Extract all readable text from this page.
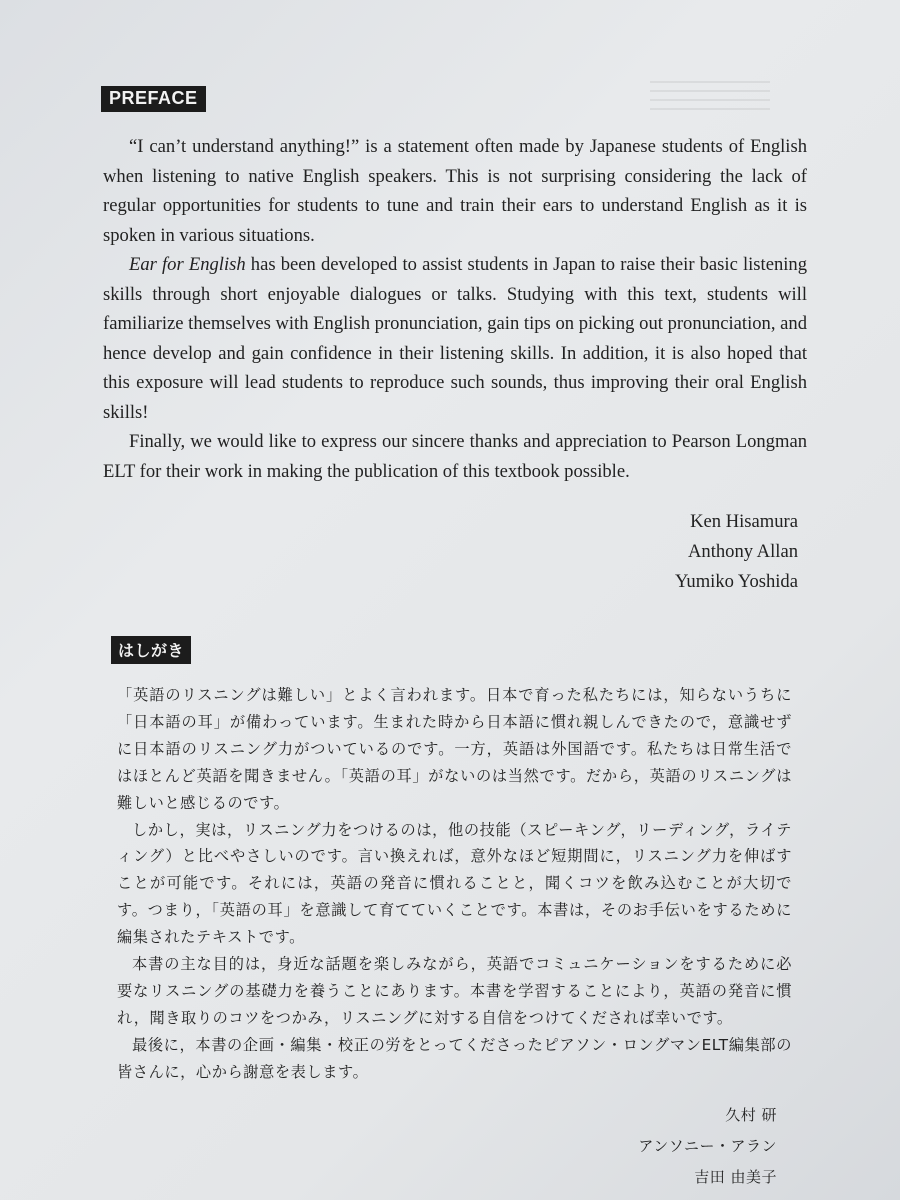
PREFACE

“I can’t understand anything!” is a statement often made by Japanese students of English when listening to native English speakers. This is not surprising considering the lack of regular opportunities for students to tune and train their ears to understand English as it is spoken in various situations.

Ear for English has been developed to assist students in Japan to raise their basic listening skills through short enjoyable dialogues or talks. Studying with this text, students will familiarize themselves with English pronunciation, gain tips on picking out pronunciation, and hence develop and gain confidence in their listening skills. In addition, it is also hoped that this exposure will lead students to reproduce such sounds, thus improving their oral English skills!

Finally, we would like to express our sincere thanks and appreciation to Pearson Longman ELT for their work in making the publication of this textbook possible.

Ken Hisamura
Anthony Allan
Yumiko Yoshida
はしがき

「英語のリスニングは難しい」とよく言われます。日本で育った私たちには，知らないうちに「日本語の耳」が備わっています。生まれた時から日本語に慣れ親しんできたので，意識せずに日本語のリスニング力がついているのです。一方，英語は外国語です。私たちは日常生活ではほとんど英語を聞きません。「英語の耳」がないのは当然です。だから，英語のリスニングは難しいと感じるのです。

しかし，実は，リスニング力をつけるのは，他の技能（スピーキング，リーディング，ライティング）と比べやさしいのです。言い換えれば，意外なほど短期間に，リスニング力を伸ばすことが可能です。それには，英語の発音に慣れることと，聞くコツを飲み込むことが大切です。つまり，「英語の耳」を意識して育てていくことです。本書は，そのお手伝いをするために編集されたテキストです。

本書の主な目的は，身近な話題を楽しみながら，英語でコミュニケーションをするために必要なリスニングの基礎力を養うことにあります。本書を学習することにより，英語の発音に慣れ，聞き取りのコツをつかみ，リスニングに対する自信をつけてくだされば幸いです。

最後に，本書の企画・編集・校正の労をとってくださったピアソン・ロングマンELT編集部の皆さんに，心から謝意を表します。

久村 研
アンソニー・アラン
吉田 由美子
